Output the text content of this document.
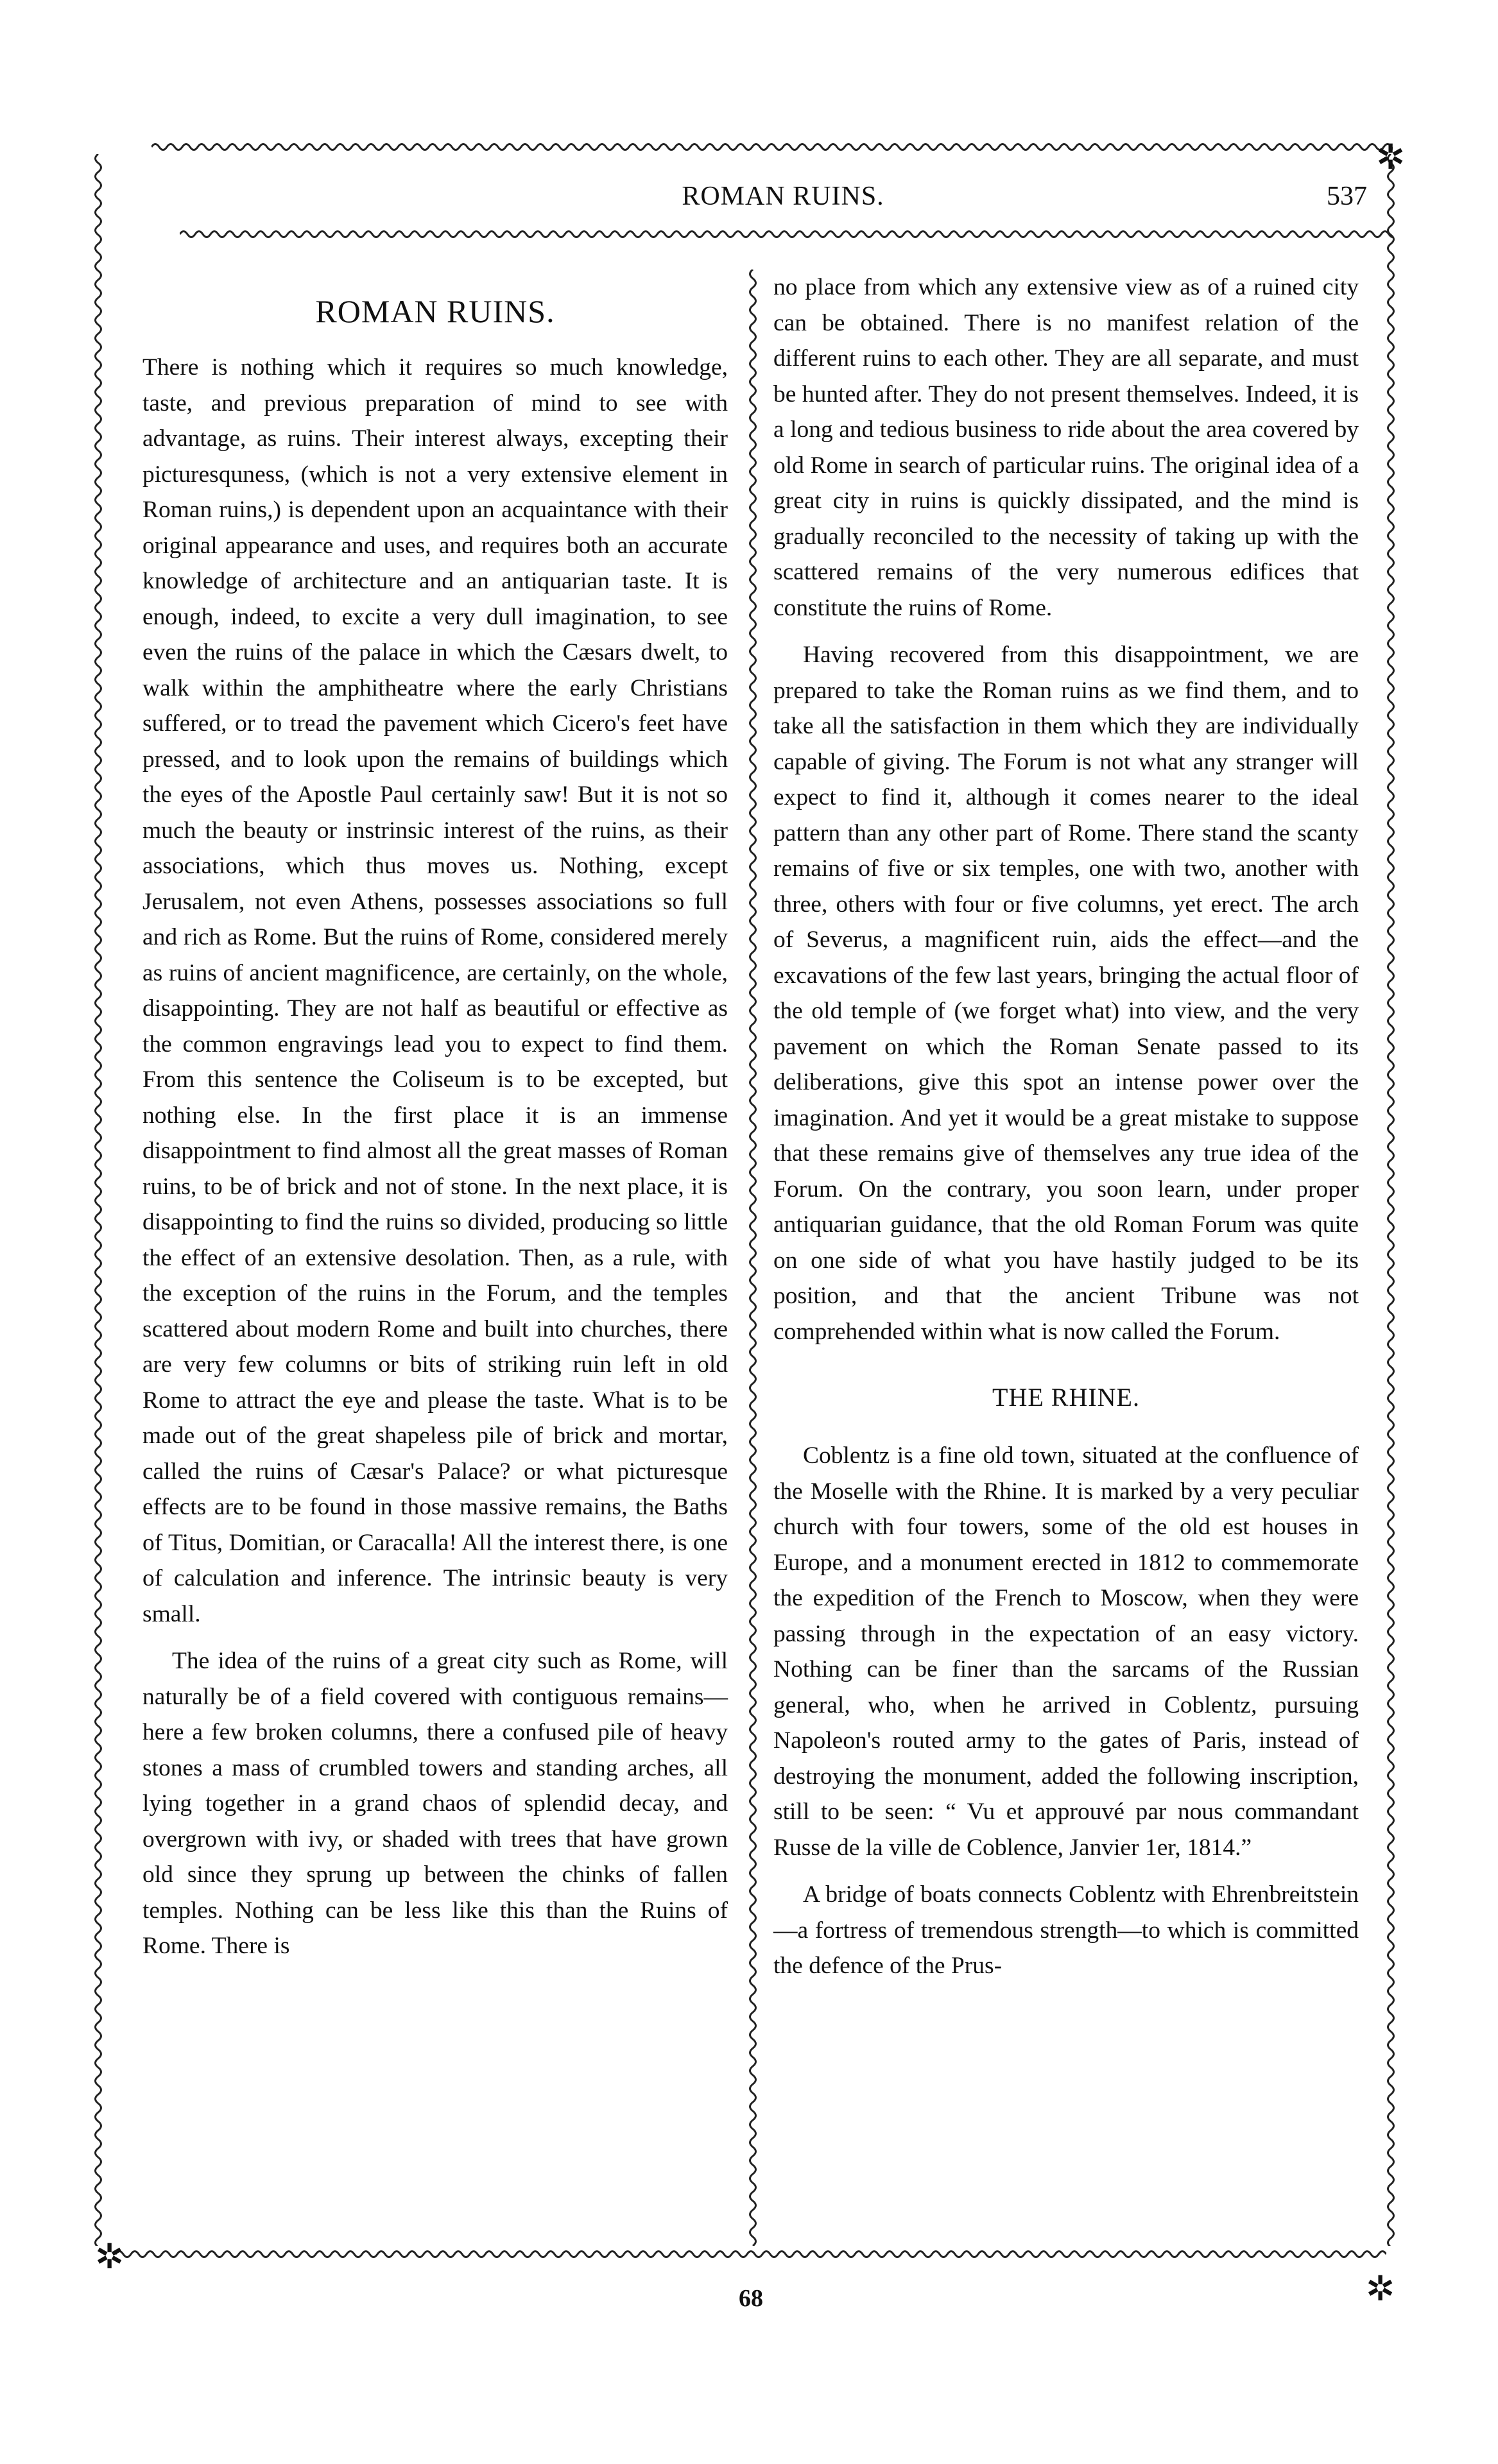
✲
✲
✲
ROMAN RUINS.	537
ROMAN RUINS.

There is nothing which it requires so much knowledge, taste, and previous preparation of mind to see with advantage, as ruins. Their interest always, excepting their picturesquness, (which is not a very extensive element in Roman ruins,) is dependent upon an acquaintance with their original appearance and uses, and requires both an accurate knowledge of architecture and an antiquarian taste. It is enough, indeed, to excite a very dull imagination, to see even the ruins of the palace in which the Cæsars dwelt, to walk within the amphitheatre where the early Christians suffered, or to tread the pavement which Cicero's feet have pressed, and to look upon the remains of buildings which the eyes of the Apostle Paul certainly saw! But it is not so much the beauty or instrinsic interest of the ruins, as their associations, which thus moves us. Nothing, except Jerusalem, not even Athens, possesses associations so full and rich as Rome. But the ruins of Rome, considered merely as ruins of ancient magnificence, are certainly, on the whole, disappointing. They are not half as beautiful or effective as the common engravings lead you to expect to find them. From this sentence the Coliseum is to be excepted, but nothing else. In the first place it is an immense disappointment to find almost all the great masses of Roman ruins, to be of brick and not of stone. In the next place, it is disappointing to find the ruins so divided, producing so little the effect of an extensive desolation. Then, as a rule, with the exception of the ruins in the Forum, and the temples scattered about modern Rome and built into churches, there are very few columns or bits of striking ruin left in old Rome to attract the eye and please the taste. What is to be made out of the great shapeless pile of brick and mortar, called the ruins of Cæsar's Palace? or what picturesque effects are to be found in those massive remains, the Baths of Titus, Domitian, or Caracalla! All the interest there, is one of calculation and inference. The intrinsic beauty is very small.

The idea of the ruins of a great city such as Rome, will naturally be of a field covered with contiguous remains—here a few broken columns, there a confused pile of heavy stones a mass of crumbled towers and standing arches, all lying together in a grand chaos of splendid decay, and overgrown with ivy, or shaded with trees that have grown old since they sprung up between the chinks of fallen temples. Nothing can be less like this than the Ruins of Rome. There is

no place from which any extensive view as of a ruined city can be obtained. There is no manifest relation of the different ruins to each other. They are all separate, and must be hunted after. They do not present themselves. Indeed, it is a long and tedious business to ride about the area covered by old Rome in search of particular ruins. The original idea of a great city in ruins is quickly dissipated, and the mind is gradually reconciled to the necessity of taking up with the scattered remains of the very numerous edifices that constitute the ruins of Rome.

Having recovered from this disappointment, we are prepared to take the Roman ruins as we find them, and to take all the satisfaction in them which they are individually capable of giving. The Forum is not what any stranger will expect to find it, although it comes nearer to the ideal pattern than any other part of Rome. There stand the scanty remains of five or six temples, one with two, another with three, others with four or five columns, yet erect. The arch of Severus, a magnificent ruin, aids the effect—and the excavations of the few last years, bringing the actual floor of the old temple of (we forget what) into view, and the very pavement on which the Roman Senate passed to its deliberations, give this spot an intense power over the imagination. And yet it would be a great mistake to suppose that these remains give of themselves any true idea of the Forum. On the contrary, you soon learn, under proper antiquarian guidance, that the old Roman Forum was quite on one side of what you have hastily judged to be its position, and that the ancient Tribune was not comprehended within what is now called the Forum.

THE RHINE.

Coblentz is a fine old town, situated at the confluence of the Moselle with the Rhine. It is marked by a very peculiar church with four towers, some of the old est houses in Europe, and a monument erected in 1812 to commemorate the expedition of the French to Moscow, when they were passing through in the expectation of an easy victory. Nothing can be finer than the sarcams of the Russian general, who, when he arrived in Coblentz, pursuing Napoleon's routed army to the gates of Paris, instead of destroying the monument, added the following inscription, still to be seen: “ Vu et approuvé par nous commandant Russe de la ville de Coblence, Janvier 1er, 1814.”

A bridge of boats connects Coblentz with Ehrenbreitstein—a fortress of tremendous strength—to which is committed the defence of the Prus-

68
